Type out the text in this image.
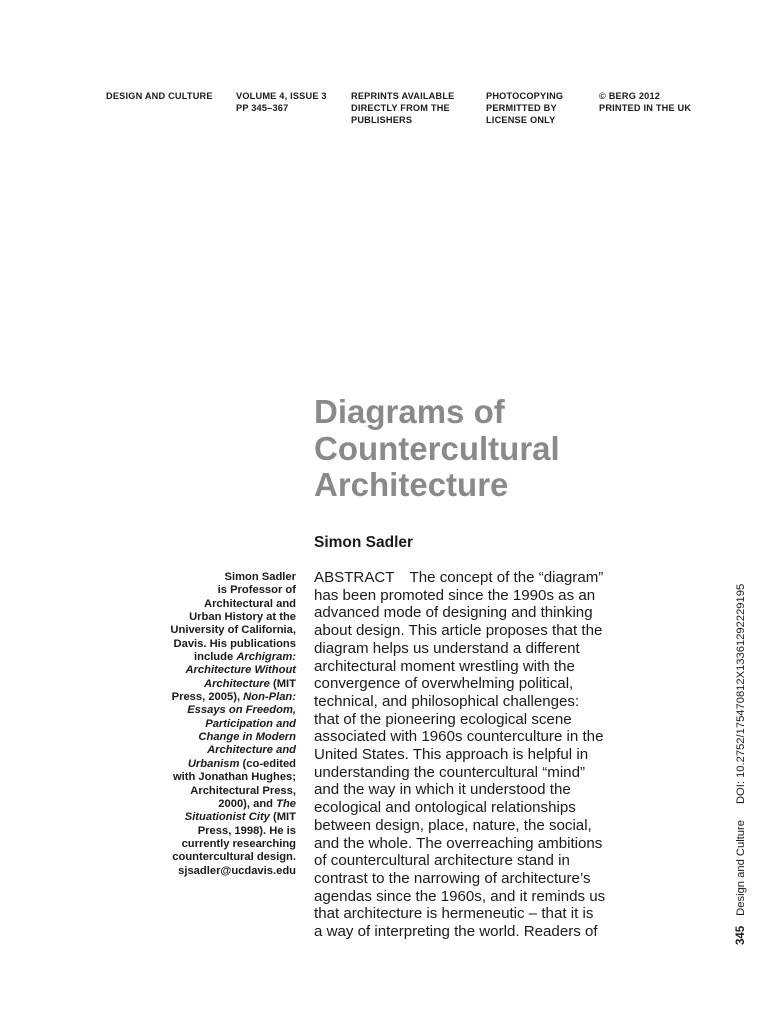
DESIGN AND CULTURE	VOLUME 4, ISSUE 3
PP 345–367
REPRINTS AVAILABLE
DIRECTLY FROM THE
PUBLISHERS
PHOTOCOPYING
PERMITTED BY
LICENSE ONLY
© BERG 2012
PRINTED IN THE UK
Diagrams of
Countercultural
Architecture
Simon Sadler
Simon Sadler
is Professor of
Architectural and
Urban History at the
University of California,
Davis. His publications
include Archigram:
Architecture Without
Architecture (MIT
Press, 2005), Non-Plan:
Essays on Freedom,
Participation and
Change in Modern
Architecture and
Urbanism (co-edited
with Jonathan Hughes;
Architectural Press,
2000), and The
Situationist City (MIT
Press, 1998). He is
currently researching
countercultural design.
sjsadler@ucdavis.edu
ABSTRACT The concept of the “diagram”
has been promoted since the 1990s as an
advanced mode of designing and thinking
about design. This article proposes that the
diagram helps us understand a different
architectural moment wrestling with the
convergence of overwhelming political,
technical, and philosophical challenges:
that of the pioneering ecological scene
associated with 1960s counterculture in the
United States. This approach is helpful in
understanding the countercultural “mind”
and the way in which it understood the
ecological and ontological relationships
between design, place, nature, the social,
and the whole. The overreaching ambitions
of countercultural architecture stand in
contrast to the narrowing of architecture’s
agendas since the 1960s, and it reminds us
that architecture is hermeneutic – that it is
a way of interpreting the world. Readers of	345Design and CultureDOI: 10.2752/175470812X13361292229195
